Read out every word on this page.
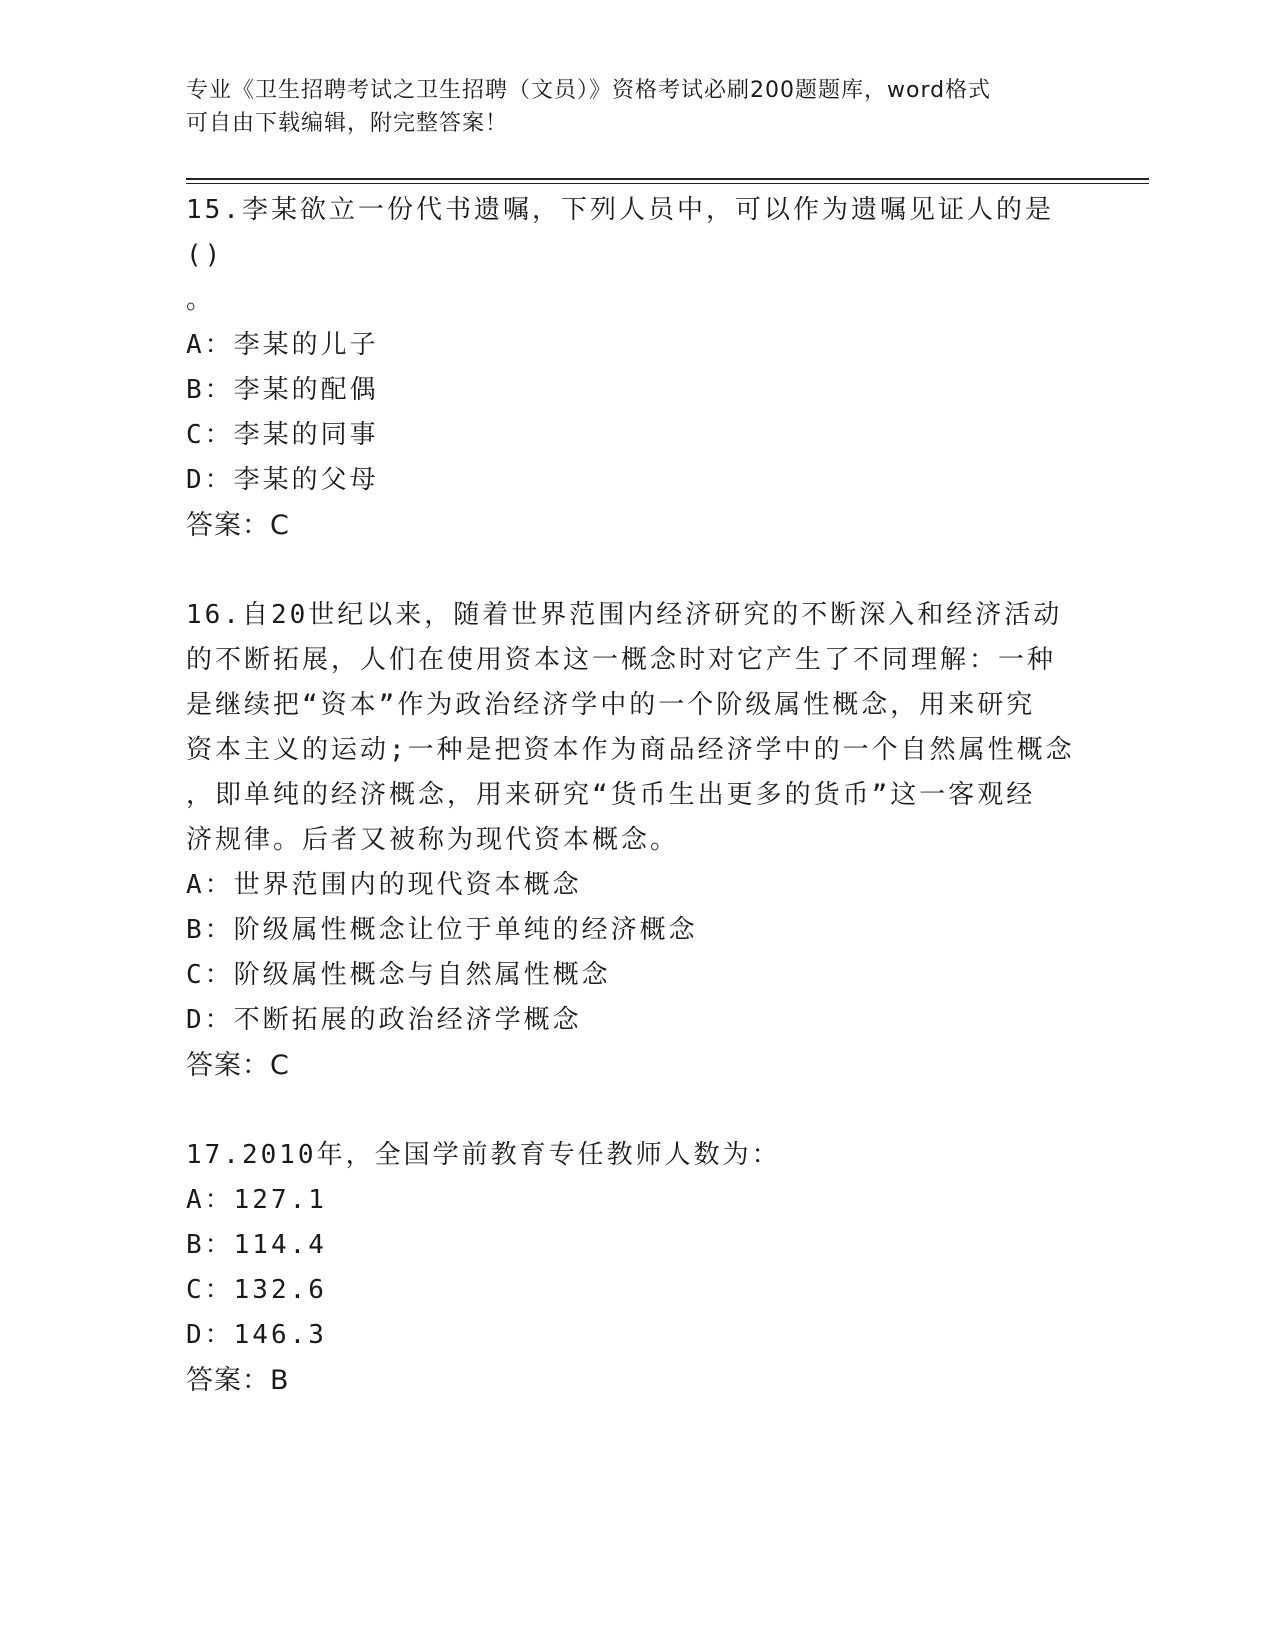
专业《卫生招聘考试之卫生招聘（文员）》资格考试必刷200题题库，word格式
可自由下载编辑，附完整答案！
15.李某欲立一份代书遗嘱，下列人员中，可以作为遗嘱见证人的是()
。
A：李某的儿子
B：李某的配偶
C：李某的同事
D：李某的父母
答案：C
16.自20世纪以来，随着世界范围内经济研究的不断深入和经济活动
的不断拓展，人们在使用资本这一概念时对它产生了不同理解：一种
是继续把“资本”作为政治经济学中的一个阶级属性概念，用来研究
资本主义的运动;一种是把资本作为商品经济学中的一个自然属性概念
，即单纯的经济概念，用来研究“货币生出更多的货币”这一客观经
济规律。后者又被称为现代资本概念。
A：世界范围内的现代资本概念
B：阶级属性概念让位于单纯的经济概念
C：阶级属性概念与自然属性概念
D：不断拓展的政治经济学概念
答案：C
17.2010年，全国学前教育专任教师人数为：
A：127.1
B：114.4
C：132.6
D：146.3
答案：B
